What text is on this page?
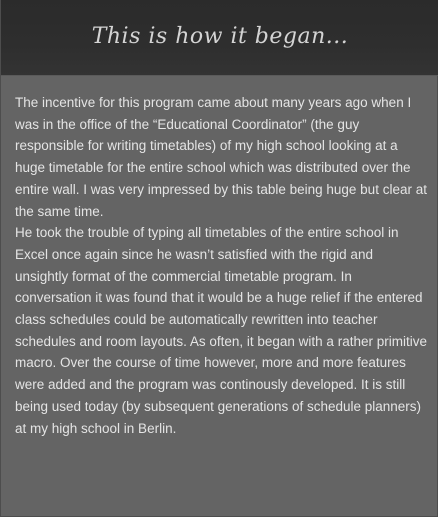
This is how it began...

The incentive for this program came about many years ago when I was in the office of the “Educational Coordinator” (the guy responsible for writing timetables) of my high school looking at a huge timetable for the entire school which was distributed over the entire wall. I was very impressed by this table being huge but clear at the same time.

He took the trouble of typing all timetables of the entire school in Excel once again since he wasn’t satisfied with the rigid and unsightly format of the commercial timetable program. In conversation it was found that it would be a huge relief if the entered class schedules could be automatically rewritten into teacher schedules and room layouts. As often, it began with a rather primitive macro. Over the course of time however, more and more features were added and the program was continously developed. It is still being used today (by subsequent generations of schedule planners) at my high school in Berlin.
